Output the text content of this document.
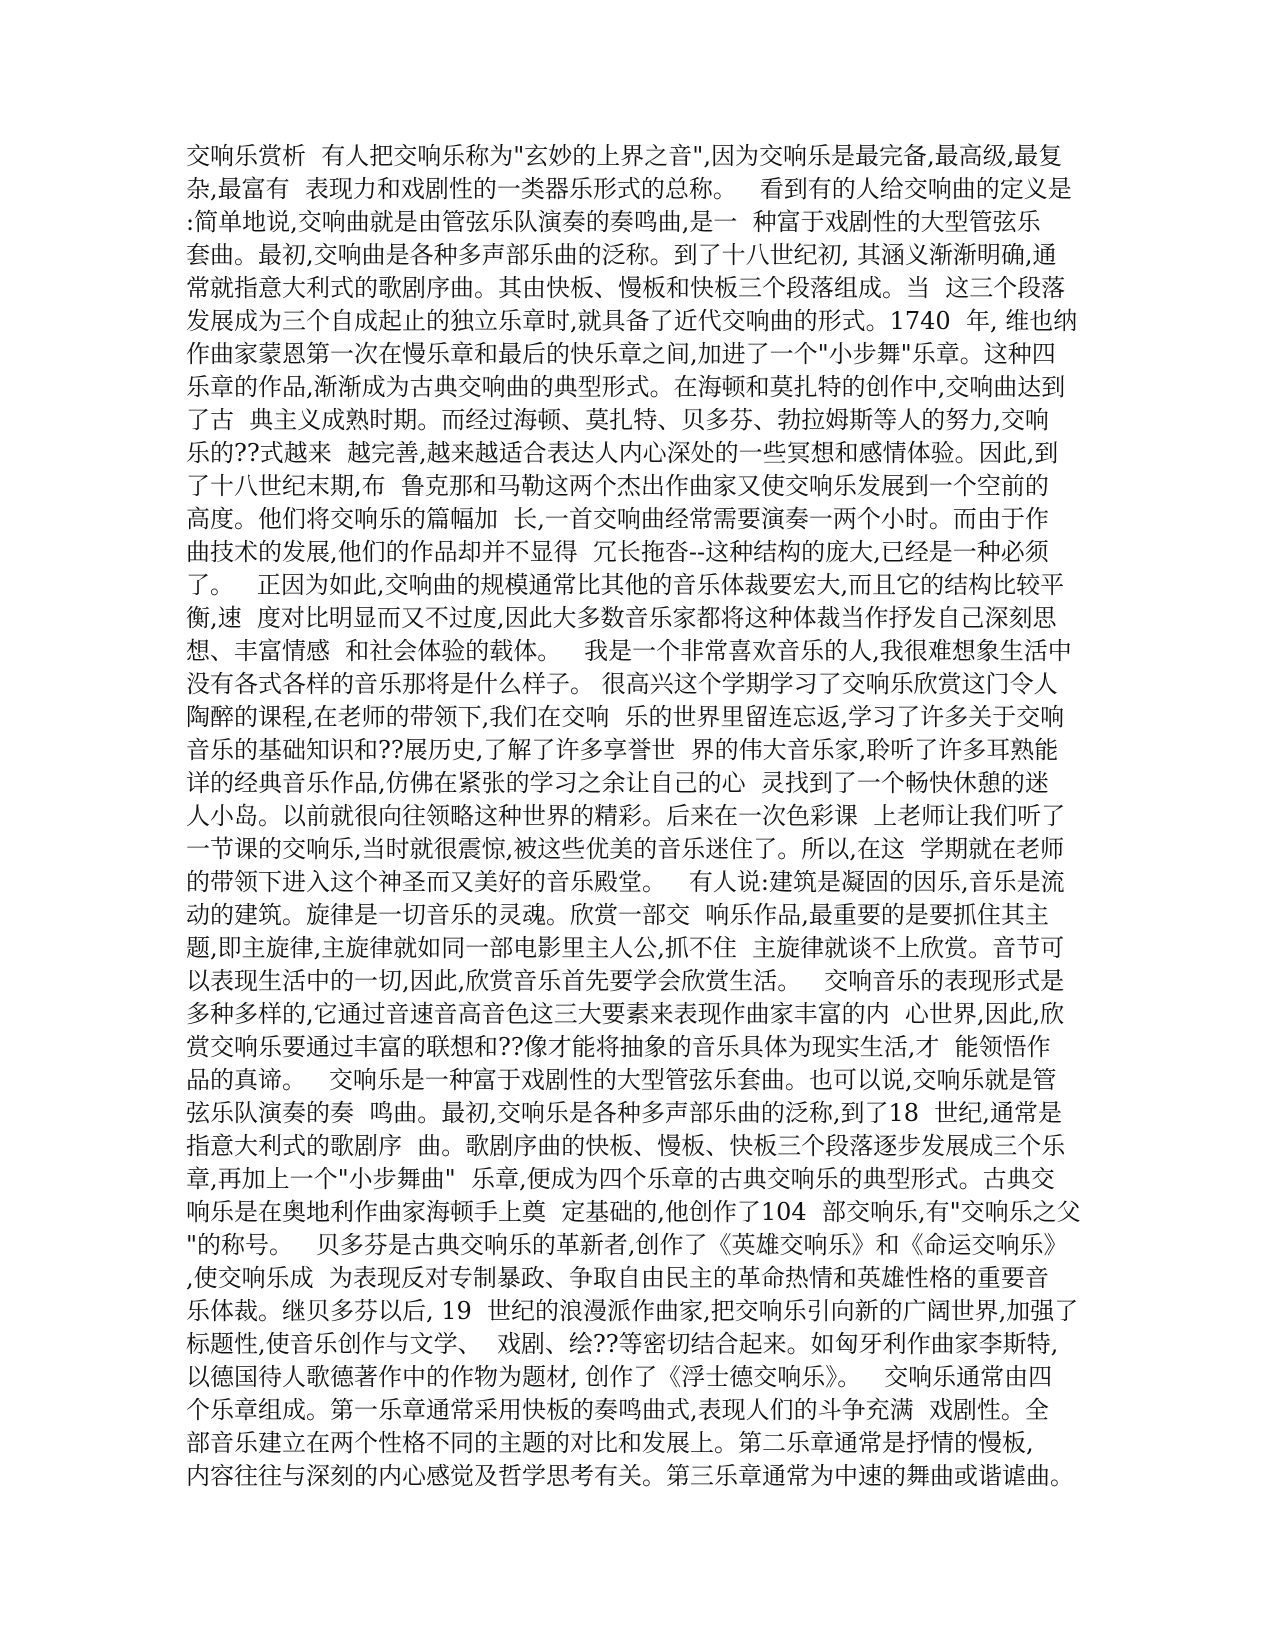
交响乐赏析  有人把交响乐称为"玄妙的上界之音",因为交响乐是最完备,最高级,最复
杂,最富有  表现力和戏剧性的一类器乐形式的总称。   看到有的人给交响曲的定义是
:简单地说,交响曲就是由管弦乐队演奏的奏鸣曲,是一  种富于戏剧性的大型管弦乐
套曲。最初,交响曲是各种多声部乐曲的泛称。到了十八世纪初, 其涵义渐渐明确,通
常就指意大利式的歌剧序曲。其由快板、慢板和快板三个段落组成。当  这三个段落
发展成为三个自成起止的独立乐章时,就具备了近代交响曲的形式。1740  年, 维也纳
作曲家蒙恩第一次在慢乐章和最后的快乐章之间,加进了一个"小步舞"乐章。这种四
乐章的作品,渐渐成为古典交响曲的典型形式。在海顿和莫扎特的创作中,交响曲达到
了古  典主义成熟时期。而经过海顿、莫扎特、贝多芬、勃拉姆斯等人的努力,交响
乐的??式越来  越完善,越来越适合表达人内心深处的一些冥想和感情体验。因此,到
了十八世纪末期,布  鲁克那和马勒这两个杰出作曲家又使交响乐发展到一个空前的
高度。他们将交响乐的篇幅加  长,一首交响曲经常需要演奏一两个小时。而由于作
曲技术的发展,他们的作品却并不显得  冗长拖沓--这种结构的庞大,已经是一种必须
了。   正因为如此,交响曲的规模通常比其他的音乐体裁要宏大,而且它的结构比较平
衡,速  度对比明显而又不过度,因此大多数音乐家都将这种体裁当作抒发自己深刻思
想、丰富情感  和社会体验的载体。   我是一个非常喜欢音乐的人,我很难想象生活中
没有各式各样的音乐那将是什么样子。 很高兴这个学期学习了交响乐欣赏这门令人
陶醉的课程,在老师的带领下,我们在交响  乐的世界里留连忘返,学习了许多关于交响
音乐的基础知识和??展历史,了解了许多享誉世  界的伟大音乐家,聆听了许多耳熟能
详的经典音乐作品,仿佛在紧张的学习之余让自己的心  灵找到了一个畅快休憩的迷
人小岛。以前就很向往领略这种世界的精彩。后来在一次色彩课  上老师让我们听了
一节课的交响乐,当时就很震惊,被这些优美的音乐迷住了。所以,在这  学期就在老师
的带领下进入这个神圣而又美好的音乐殿堂。   有人说:建筑是凝固的因乐,音乐是流
动的建筑。旋律是一切音乐的灵魂。欣赏一部交  响乐作品,最重要的是要抓住其主
题,即主旋律,主旋律就如同一部电影里主人公,抓不住  主旋律就谈不上欣赏。音节可
以表现生活中的一切,因此,欣赏音乐首先要学会欣赏生活。   交响音乐的表现形式是
多种多样的,它通过音速音高音色这三大要素来表现作曲家丰富的内  心世界,因此,欣
赏交响乐要通过丰富的联想和??像才能将抽象的音乐具体为现实生活,才  能领悟作
品的真谛。   交响乐是一种富于戏剧性的大型管弦乐套曲。也可以说,交响乐就是管
弦乐队演奏的奏  鸣曲。最初,交响乐是各种多声部乐曲的泛称,到了18  世纪,通常是
指意大利式的歌剧序  曲。歌剧序曲的快板、慢板、快板三个段落逐步发展成三个乐
章,再加上一个"小步舞曲"  乐章,便成为四个乐章的古典交响乐的典型形式。古典交
响乐是在奥地利作曲家海顿手上奠  定基础的,他创作了104  部交响乐,有"交响乐之父
"的称号。   贝多芬是古典交响乐的革新者,创作了《英雄交响乐》和《命运交响乐》
,使交响乐成  为表现反对专制暴政、争取自由民主的革命热情和英雄性格的重要音
乐体裁。继贝多芬以后, 19  世纪的浪漫派作曲家,把交响乐引向新的广阔世界,加强了
标题性,使音乐创作与文学、  戏剧、绘??等密切结合起来。如匈牙利作曲家李斯特,
以德国待人歌德著作中的作物为题材, 创作了《浮士德交响乐》。   交响乐通常由四
个乐章组成。第一乐章通常采用快板的奏鸣曲式,表现人们的斗争充满  戏剧性。全
部音乐建立在两个性格不同的主题的对比和发展上。第二乐章通常是抒情的慢板,
内容往往与深刻的内心感觉及哲学思考有关。第三乐章通常为中速的舞曲或谐谑曲。
